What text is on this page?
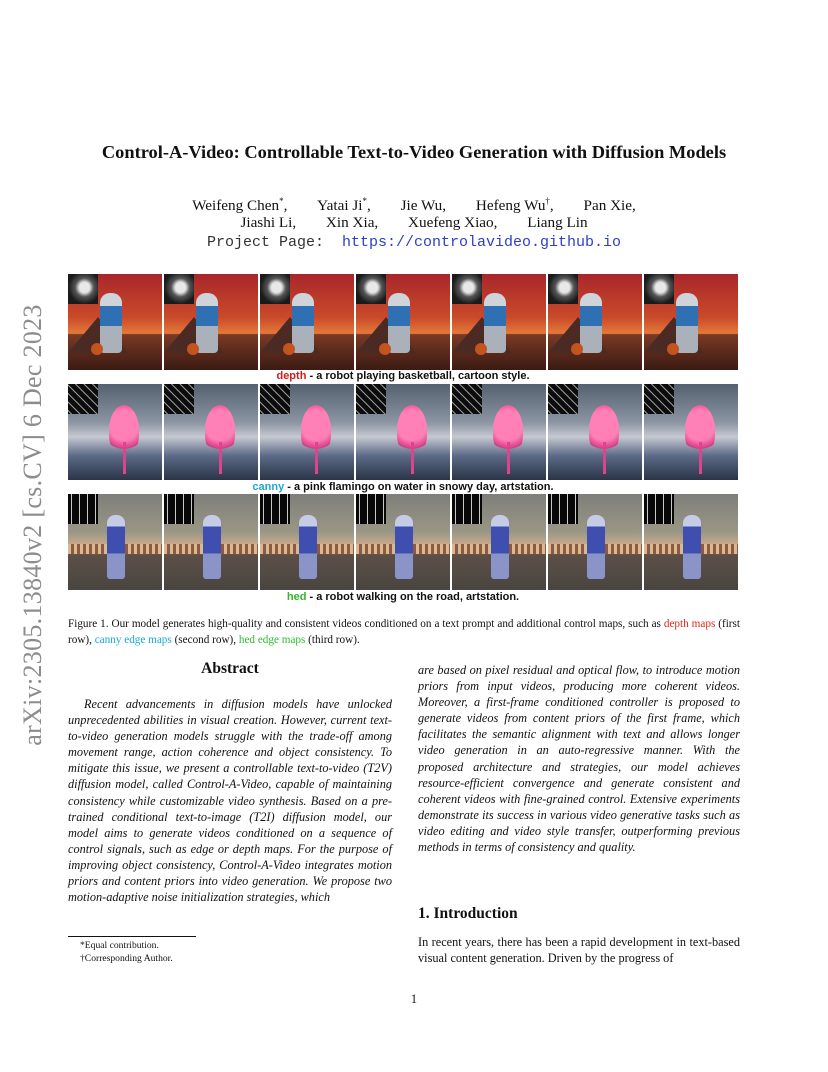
arXiv:2305.13840v2 [cs.CV] 6 Dec 2023
Control-A-Video: Controllable Text-to-Video Generation with Diffusion Models
Weifeng Chen*, Yatai Ji*, Jie Wu, Hefeng Wu†, Pan Xie,
Jiashi Li, Xin Xia, Xuefeng Xiao, Liang Lin
Project Page: https://controlavideo.github.io
depth - a robot playing basketball, cartoon style.
canny - a pink flamingo on water in snowy day, artstation.
hed - a robot walking on the road, artstation.
Figure 1. Our model generates high-quality and consistent videos conditioned on a text prompt and additional control maps, such as depth maps (first row), canny edge maps (second row), hed edge maps (third row).
Abstract
Recent advancements in diffusion models have unlocked unprecedented abilities in visual creation. However, current text-to-video generation models struggle with the trade-off among movement range, action coherence and object consistency. To mitigate this issue, we present a controllable text-to-video (T2V) diffusion model, called Control-A-Video, capable of maintaining consistency while customizable video synthesis. Based on a pre-trained conditional text-to-image (T2I) diffusion model, our model aims to generate videos conditioned on a sequence of control signals, such as edge or depth maps. For the purpose of improving object consistency, Control-A-Video integrates motion priors and content priors into video generation. We propose two motion-adaptive noise initialization strategies, which
are based on pixel residual and optical flow, to introduce motion priors from input videos, producing more coherent videos. Moreover, a first-frame conditioned controller is proposed to generate videos from content priors of the first frame, which facilitates the semantic alignment with text and allows longer video generation in an auto-regressive manner. With the proposed architecture and strategies, our model achieves resource-efficient convergence and generate consistent and coherent videos with fine-grained control. Extensive experiments demonstrate its success in various video generative tasks such as video editing and video style transfer, outperforming previous methods in terms of consistency and quality.
1. Introduction
In recent years, there has been a rapid development in text-based visual content generation. Driven by the progress of
*Equal contribution.
†Corresponding Author.
1
